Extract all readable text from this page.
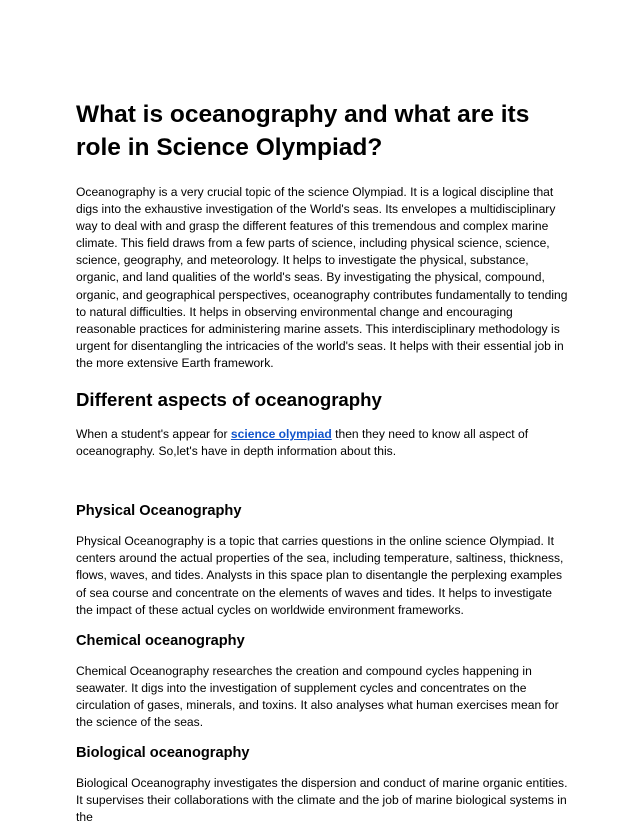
What is oceanography and what are its role in Science Olympiad?

Oceanography is a very crucial topic of the science Olympiad. It is a logical discipline that digs into the exhaustive investigation of the World's seas. Its envelopes a multidisciplinary way to deal with and grasp the different features of this tremendous and complex marine climate. This field draws from a few parts of science, including physical science, science, science, geography, and meteorology. It helps to investigate the physical, substance, organic, and land qualities of the world's seas. By investigating the physical, compound, organic, and geographical perspectives, oceanography contributes fundamentally to tending to natural difficulties. It helps in observing environmental change and encouraging reasonable practices for administering marine assets. This interdisciplinary methodology is urgent for disentangling the intricacies of the world's seas. It helps with their essential job in the more extensive Earth framework.

Different aspects of oceanography

When a student's appear for science olympiad then they need to know all aspect of oceanography. So,let's have in depth information about this.

Physical Oceanography

Physical Oceanography is a topic that carries questions in the online science Olympiad. It centers around the actual properties of the sea, including temperature, saltiness, thickness, flows, waves, and tides. Analysts in this space plan to disentangle the perplexing examples of sea course and concentrate on the elements of waves and tides. It helps to investigate the impact of these actual cycles on worldwide environment frameworks.

Chemical oceanography

Chemical Oceanography researches the creation and compound cycles happening in seawater. It digs into the investigation of supplement cycles and concentrates on the circulation of gases, minerals, and toxins. It also analyses what human exercises mean for the science of the seas.

Biological oceanography

Biological Oceanography investigates the dispersion and conduct of marine organic entities. It supervises their collaborations with the climate and the job of marine biological systems in the
